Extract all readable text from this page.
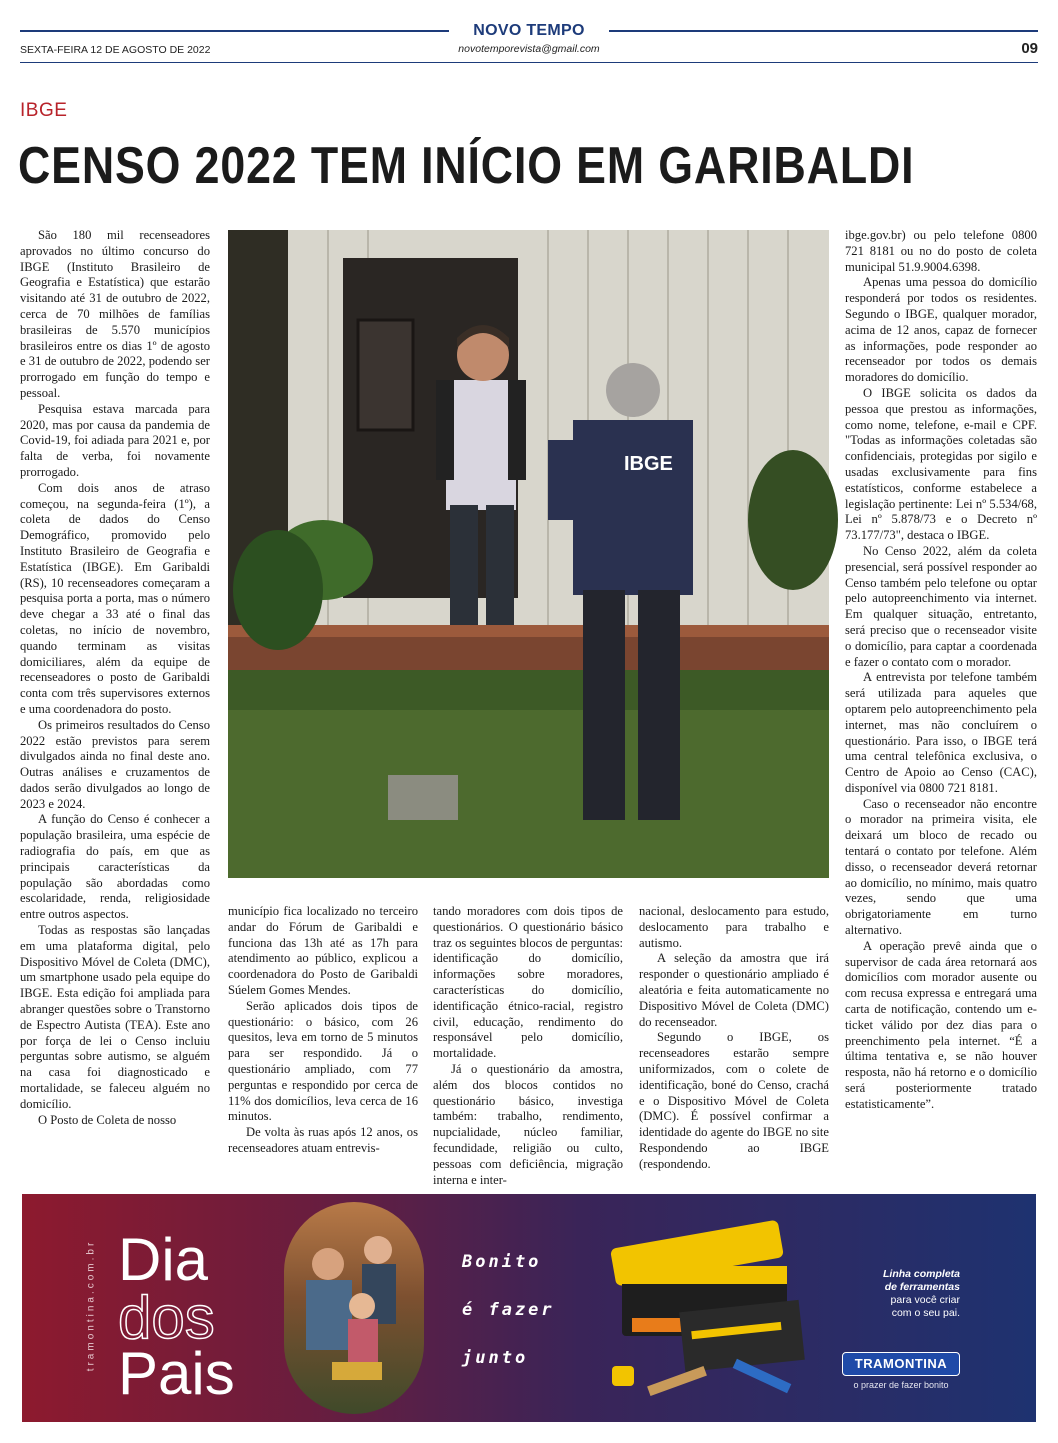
NOVO TEMPO
SEXTA-FEIRA 12 DE AGOSTO DE 2022	novotemporevista@gmail.com	09
IBGE
CENSO 2022 TEM INÍCIO EM GARIBALDI

São 180 mil recenseadores aprovados no último concurso do IBGE (Instituto Brasileiro de Geografia e Estatística) que estarão visitando até 31 de outubro de 2022, cerca de 70 milhões de famílias brasileiras de 5.570 municípios brasileiros entre os dias 1º de agosto e 31 de outubro de 2022, podendo ser prorrogado em função do tempo e pessoal.

Pesquisa estava marcada para 2020, mas por causa da pandemia de Covid-19, foi adiada para 2021 e, por falta de verba, foi novamente prorrogado.

Com dois anos de atraso começou, na segunda-feira (1º), a coleta de dados do Censo Demográfico, promovido pelo Instituto Brasileiro de Geografia e Estatística (IBGE). Em Garibaldi (RS), 10 recenseadores começaram a pesquisa porta a porta, mas o número deve chegar a 33 até o final das coletas, no início de novembro, quando terminam as visitas domiciliares, além da equipe de recenseadores o posto de Garibaldi conta com três supervisores externos e uma coordenadora do posto.

Os primeiros resultados do Censo 2022 estão previstos para serem divulgados ainda no final deste ano. Outras análises e cruzamentos de dados serão divulgados ao longo de 2023 e 2024.

A função do Censo é conhecer a população brasileira, uma espécie de radiografia do país, em que as principais características da população são abordadas como escolaridade, renda, religiosidade entre outros aspectos.

Todas as respostas são lançadas em uma plataforma digital, pelo Dispositivo Móvel de Coleta (DMC), um smartphone usado pela equipe do IBGE. Esta edição foi ampliada para abranger questões sobre o Transtorno de Espectro Autista (TEA). Este ano por força de lei o Censo incluiu perguntas sobre autismo, se alguém na casa foi diagnosticado e mortalidade, se faleceu alguém no domicílio.

O Posto de Coleta de nosso

IBGE

município fica localizado no terceiro andar do Fórum de Garibaldi e funciona das 13h até as 17h para atendimento ao público, explicou a coordenadora do Posto de Garibaldi Súelem Gomes Mendes.

Serão aplicados dois tipos de questionário: o básico, com 26 quesitos, leva em torno de 5 minutos para ser respondido. Já o questionário ampliado, com 77 perguntas e respondido por cerca de 11% dos domicílios, leva cerca de 16 minutos.

De volta às ruas após 12 anos, os recenseadores atuam entrevis-

tando moradores com dois tipos de questionários. O questionário básico traz os seguintes blocos de perguntas: identificação do domicílio, informações sobre moradores, características do domicílio, identificação étnico-racial, registro civil, educação, rendimento do responsável pelo domicílio, mortalidade.

Já o questionário da amostra, além dos blocos contidos no questionário básico, investiga também: trabalho, rendimento, nupcialidade, núcleo familiar, fecundidade, religião ou culto, pessoas com deficiência, migração interna e inter-

nacional, deslocamento para estudo, deslocamento para trabalho e autismo.

A seleção da amostra que irá responder o questionário ampliado é aleatória e feita automaticamente no Dispositivo Móvel de Coleta (DMC) do recenseador.

Segundo o IBGE, os recenseadores estarão sempre uniformizados, com o colete de identificação, boné do Censo, crachá e o Dispositivo Móvel de Coleta (DMC). É possível confirmar a identidade do agente do IBGE no site Respondendo ao IBGE (respondendo.

ibge.gov.br) ou pelo telefone 0800 721 8181 ou no do posto de coleta municipal 51.9.9004.6398.

Apenas uma pessoa do domicílio responderá por todos os residentes. Segundo o IBGE, qualquer morador, acima de 12 anos, capaz de fornecer as informações, pode responder ao recenseador por todos os demais moradores do domicílio.

O IBGE solicita os dados da pessoa que prestou as informações, como nome, telefone, e-mail e CPF. "Todas as informações coletadas são confidenciais, protegidas por sigilo e usadas exclusivamente para fins estatísticos, conforme estabelece a legislação pertinente: Lei nº 5.534/68, Lei nº 5.878/73 e o Decreto nº 73.177/73", destaca o IBGE.

No Censo 2022, além da coleta presencial, será possível responder ao Censo também pelo telefone ou optar pelo autopreenchimento via internet. Em qualquer situação, entretanto, será preciso que o recenseador visite o domicílio, para captar a coordenada e fazer o contato com o morador.

A entrevista por telefone também será utilizada para aqueles que optarem pelo autopreenchimento pela internet, mas não concluírem o questionário. Para isso, o IBGE terá uma central telefônica exclusiva, o Centro de Apoio ao Censo (CAC), disponível via 0800 721 8181.

Caso o recenseador não encontre o morador na primeira visita, ele deixará um bloco de recado ou tentará o contato por telefone. Além disso, o recenseador deverá retornar ao domicílio, no mínimo, mais quatro vezes, sendo que uma obrigatoriamente em turno alternativo.

A operação prevê ainda que o supervisor de cada área retornará aos domicílios com morador ausente ou com recusa expressa e entregará uma carta de notificação, contendo um e-ticket válido por dez dias para o preenchimento pela internet. “É a última tentativa e, se não houver resposta, não há retorno e o domicílio será posteriormente tratado estatisticamente”.

tramontina.com.br Dia
dos
Pais
Bonito
é fazer
junto
Linha completa
de ferramentas
para você criar
com o seu pai.
TRAMONTINA
o prazer de fazer bonito
